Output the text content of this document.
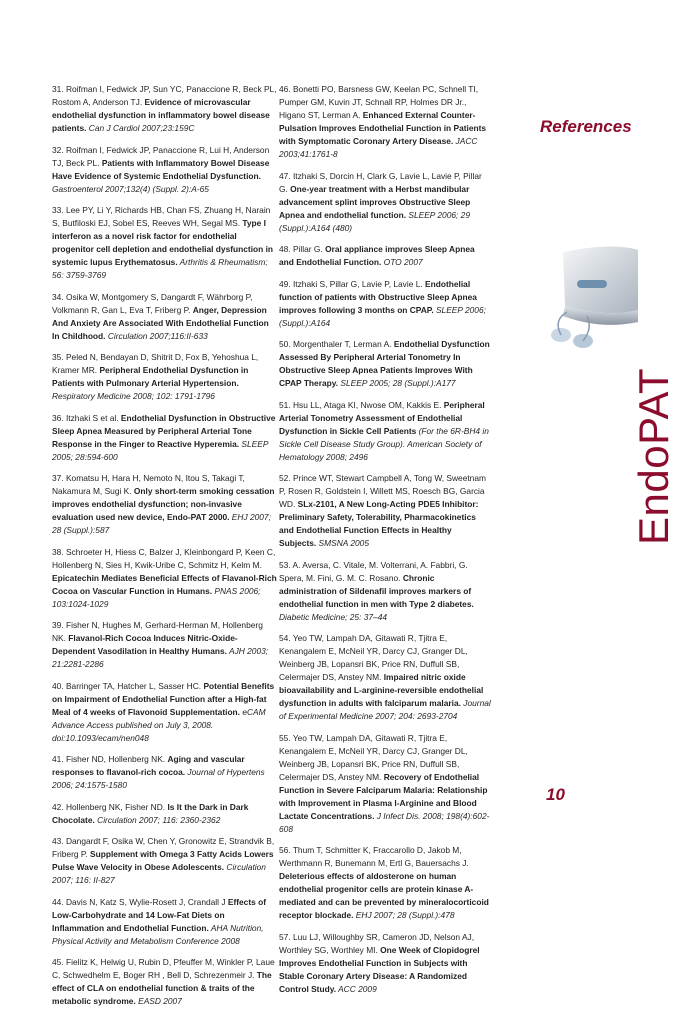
31. Roifman I, Fedwick JP, Sun YC, Panaccione R, Beck PL, Rostom A, Anderson TJ. Evidence of microvascular endothelial dysfunction in inflammatory bowel disease patients. Can J Cardiol 2007;23:159C

32. Roifman I, Fedwick JP, Panaccione R, Lui H, Anderson TJ, Beck PL. Patients with Inflammatory Bowel Disease Have Evidence of Systemic Endothelial Dysfunction. Gastroenterol 2007;132(4) (Suppl. 2):A-65

33. Lee PY, Li Y, Richards HB, Chan FS, Zhuang H, Narain S, Butfiloski EJ, Sobel ES, Reeves WH, Segal MS. Type I interferon as a novel risk factor for endothelial progenitor cell depletion and endothelial dysfunction in systemic lupus Erythematosus. Arthritis & Rheumatism; 56: 3759-3769

34. Osika W, Montgomery S, Dangardt F, Währborg P, Volkmann R, Gan L, Eva T, Friberg P. Anger, Depression And Anxiety Are Associated With Endothelial Function In Childhood. Circulation 2007;116:II-633

35. Peled N, Bendayan D, Shitrit D, Fox B, Yehoshua L, Kramer MR. Peripheral Endothelial Dysfunction in Patients with Pulmonary Arterial Hypertension. Respiratory Medicine 2008; 102: 1791-1796

36. Itzhaki S et al. Endothelial Dysfunction in Obstructive Sleep Apnea Measured by Peripheral Arterial Tone Response in the Finger to Reactive Hyperemia. SLEEP 2005; 28:594-600

37. Komatsu H, Hara H, Nemoto N, Itou S, Takagi T, Nakamura M, Sugi K. Only short-term smoking cessation improves endothelial dysfunction; non-invasive evaluation used new device, Endo-PAT 2000. EHJ 2007; 28 (Suppl.):587

38. Schroeter H, Hiess C, Balzer J, Kleinbongard P, Keen C, Hollenberg N, Sies H, Kwik-Uribe C, Schmitz H, Kelm M. Epicatechin Mediates Beneficial Effects of Flavanol-Rich Cocoa on Vascular Function in Humans. PNAS 2006; 103:1024-1029

39. Fisher N, Hughes M, Gerhard-Herman M, Hollenberg NK. Flavanol-Rich Cocoa Induces Nitric-Oxide-Dependent Vasodilation in Healthy Humans. AJH 2003; 21:2281-2286

40. Barringer TA, Hatcher L, Sasser HC. Potential Benefits on Impairment of Endothelial Function after a High-fat Meal of 4 weeks of Flavonoid Supplementation. eCAM Advance Access published on July 3, 2008. doi:10.1093/ecam/nen048

41. Fisher ND, Hollenberg NK. Aging and vascular responses to flavanol-rich cocoa. Journal of Hypertens 2006; 24:1575-1580

42. Hollenberg NK, Fisher ND. Is It the Dark in Dark Chocolate. Circulation 2007; 116: 2360-2362

43. Dangardt F, Osika W, Chen Y, Gronowitz E, Strandvik B, Friberg P. Supplement with Omega 3 Fatty Acids Lowers Pulse Wave Velocity in Obese Adolescents. Circulation 2007; 116: II-827

44. Davis N, Katz S, Wylie-Rosett J, Crandall J Effects of Low-Carbohydrate and 14 Low-Fat Diets on Inflammation and Endothelial Function. AHA Nutrition, Physical Activity and Metabolism Conference 2008

45. Fielitz K, Helwig U, Rubin D, Pfeuffer M, Winkler P, Laue C, Schwedhelm E, Boger RH , Bell D, Schrezenmeir J. The effect of CLA on endothelial function & traits of the metabolic syndrome. EASD 2007

46. Bonetti PO, Barsness GW, Keelan PC, Schnell TI, Pumper GM, Kuvin JT, Schnall RP, Holmes DR Jr., Higano ST, Lerman A. Enhanced External Counter-Pulsation Improves Endothelial Function in Patients with Symptomatic Coronary Artery Disease. JACC 2003;41:1761-8

47. Itzhaki S, Dorcin H, Clark G, Lavie L, Lavie P, Pillar G. One-year treatment with a Herbst mandibular advancement splint improves Obstructive Sleep Apnea and endothelial function. SLEEP 2006; 29 (Suppl.):A164 (480)

48. Pillar G. Oral appliance improves Sleep Apnea and Endothelial Function. OTO 2007

49. Itzhaki S, Pillar G, Lavie P, Lavie L. Endothelial function of patients with Obstructive Sleep Apnea improves following 3 months on CPAP. SLEEP 2006; (Suppl.):A164

50. Morgenthaler T, Lerman A. Endothelial Dysfunction Assessed By Peripheral Arterial Tonometry In Obstructive Sleep Apnea Patients Improves With CPAP Therapy. SLEEP 2005; 28 (Suppl.):A177

51. Hsu LL, Ataga KI, Nwose OM, Kakkis E. Peripheral Arterial Tonometry Assessment of Endothelial Dysfunction in Sickle Cell Patients (For the 6R-BH4 in Sickle Cell Disease Study Group). American Society of Hematology 2008; 2496

52. Prince WT, Stewart Campbell A, Tong W, Sweetnam P, Rosen R, Goldstein I, Willett MS, Roesch BG, Garcia WD. SLx-2101, A New Long-Acting PDE5 Inhibitor: Preliminary Safety, Tolerability, Pharmacokinetics and Endothelial Function Effects in Healthy Subjects. SMSNA 2005

53. A. Aversa, C. Vitale, M. Volterrani, A. Fabbri, G. Spera, M. Fini, G. M. C. Rosano. Chronic administration of Sildenafil improves markers of endothelial function in men with Type 2 diabetes. Diabetic Medicine; 25: 37–44

54. Yeo TW, Lampah DA, Gitawati R, Tjitra E, Kenangalem E, McNeil YR, Darcy CJ, Granger DL, Weinberg JB, Lopansri BK, Price RN, Duffull SB, Celermajer DS, Anstey NM. Impaired nitric oxide bioavailability and L-arginine-reversible endothelial dysfunction in adults with falciparum malaria. Journal of Experimental Medicine 2007; 204: 2693-2704

55. Yeo TW, Lampah DA, Gitawati R, Tjitra E, Kenangalem E, McNeil YR, Darcy CJ, Granger DL, Weinberg JB, Lopansri BK, Price RN, Duffull SB, Celermajer DS, Anstey NM. Recovery of Endothelial Function in Severe Falciparum Malaria: Relationship with Improvement in Plasma l-Arginine and Blood Lactate Concentrations. J Infect Dis. 2008; 198(4):602-608

56. Thum T, Schmitter K, Fraccarollo D, Jakob M, Werthmann R, Bunemann M, Ertl G, Bauersachs J. Deleterious effects of aldosterone on human endothelial progenitor cells are protein kinase A-mediated and can be prevented by mineralocorticoid receptor blockade. EHJ 2007; 28 (Suppl.):478

57. Luu LJ, Willoughby SR, Cameron JD, Nelson AJ, Worthley SG, Worthley MI. One Week of Clopidogrel Improves Endothelial Function in Subjects with Stable Coronary Artery Disease: A Randomized Control Study. ACC 2009

References
EndoPAT
10
